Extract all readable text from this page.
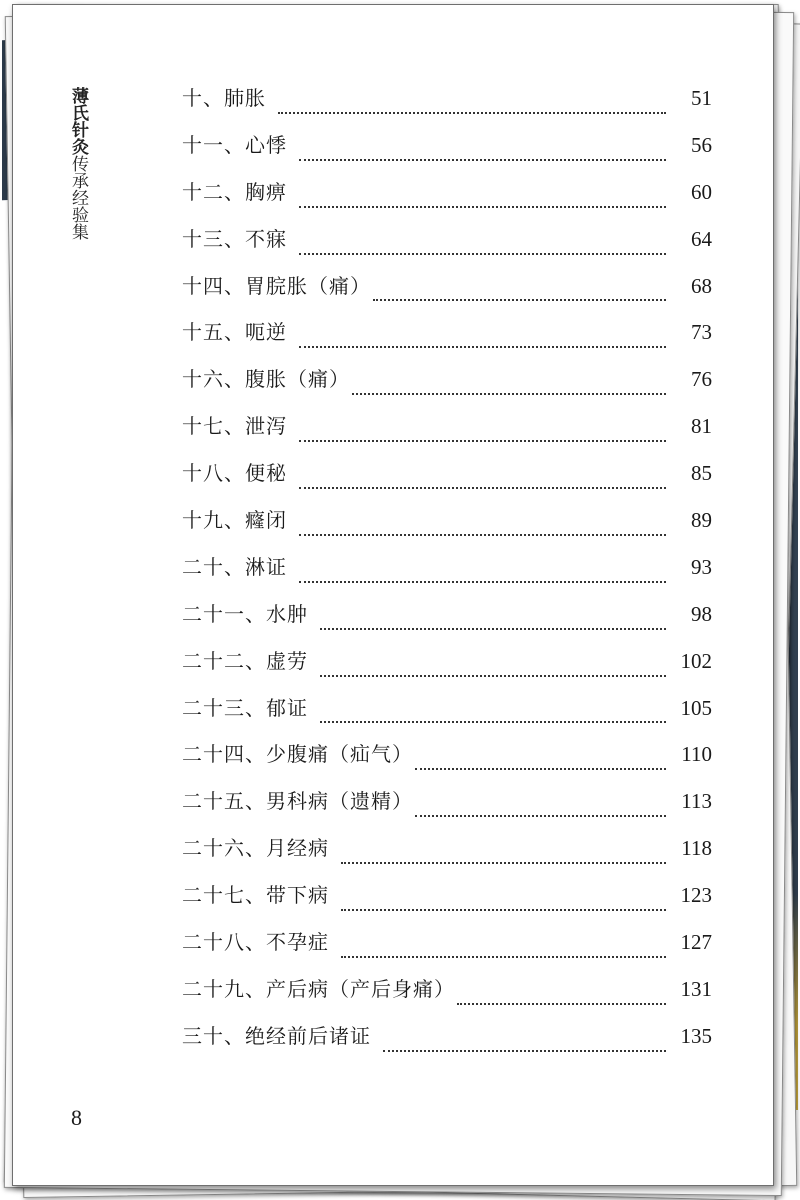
薄氏针灸传承经验集
十、肺胀	51
十一、心悸	56
十二、胸痹	60
十三、不寐	64
十四、胃脘胀（痛）	68
十五、呃逆	73
十六、腹胀（痛）	76
十七、泄泻	81
十八、便秘	85
十九、癃闭	89
二十、淋证	93
二十一、水肿	98
二十二、虚劳	102
二十三、郁证	105
二十四、少腹痛（疝气）	110
二十五、男科病（遗精）	113
二十六、月经病	118
二十七、带下病	123
二十八、不孕症	127
二十九、产后病（产后身痛）	131
三十、绝经前后诸证	135
8
